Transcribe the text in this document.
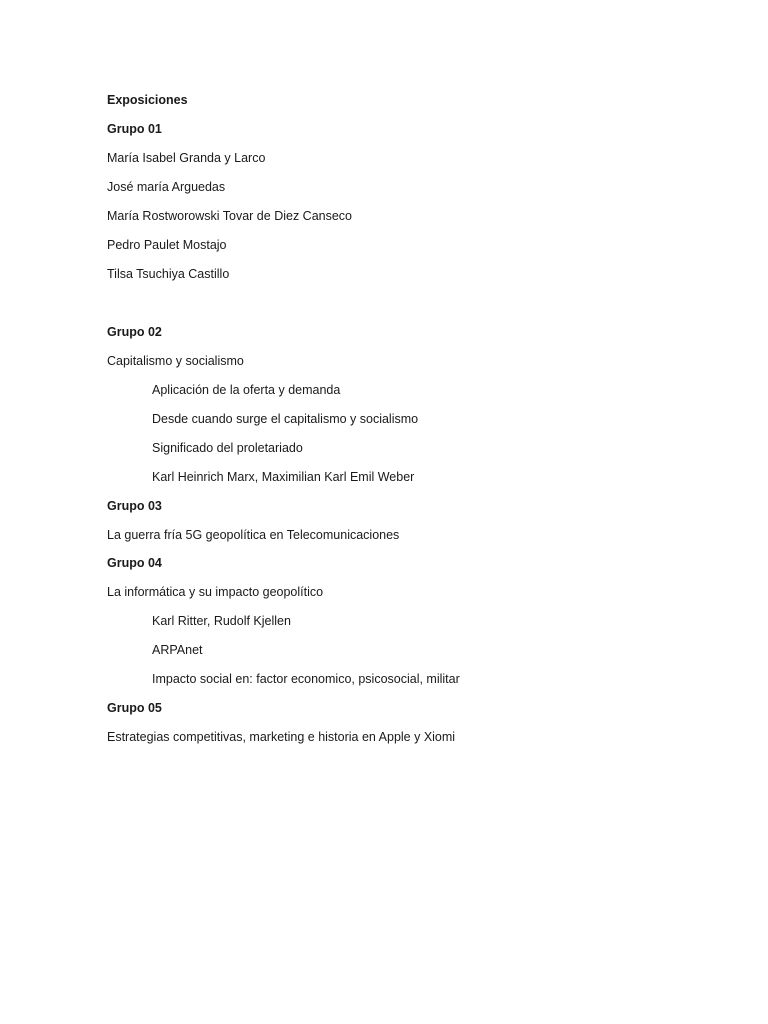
Exposiciones
Grupo 01
María Isabel Granda y Larco
José maría Arguedas
María Rostworowski Tovar de Diez Canseco
Pedro Paulet Mostajo
Tilsa Tsuchiya Castillo
Grupo 02
Capitalismo y socialismo
Aplicación de la oferta y demanda
Desde cuando surge el capitalismo y socialismo
Significado del proletariado
Karl Heinrich Marx, Maximilian Karl Emil Weber
Grupo 03
La guerra fría 5G geopolítica en Telecomunicaciones
Grupo 04
La informática y su impacto geopolítico
Karl Ritter, Rudolf Kjellen
ARPAnet
Impacto social en: factor economico, psicosocial, militar
Grupo 05
Estrategias competitivas, marketing e historia en Apple y Xiomi
